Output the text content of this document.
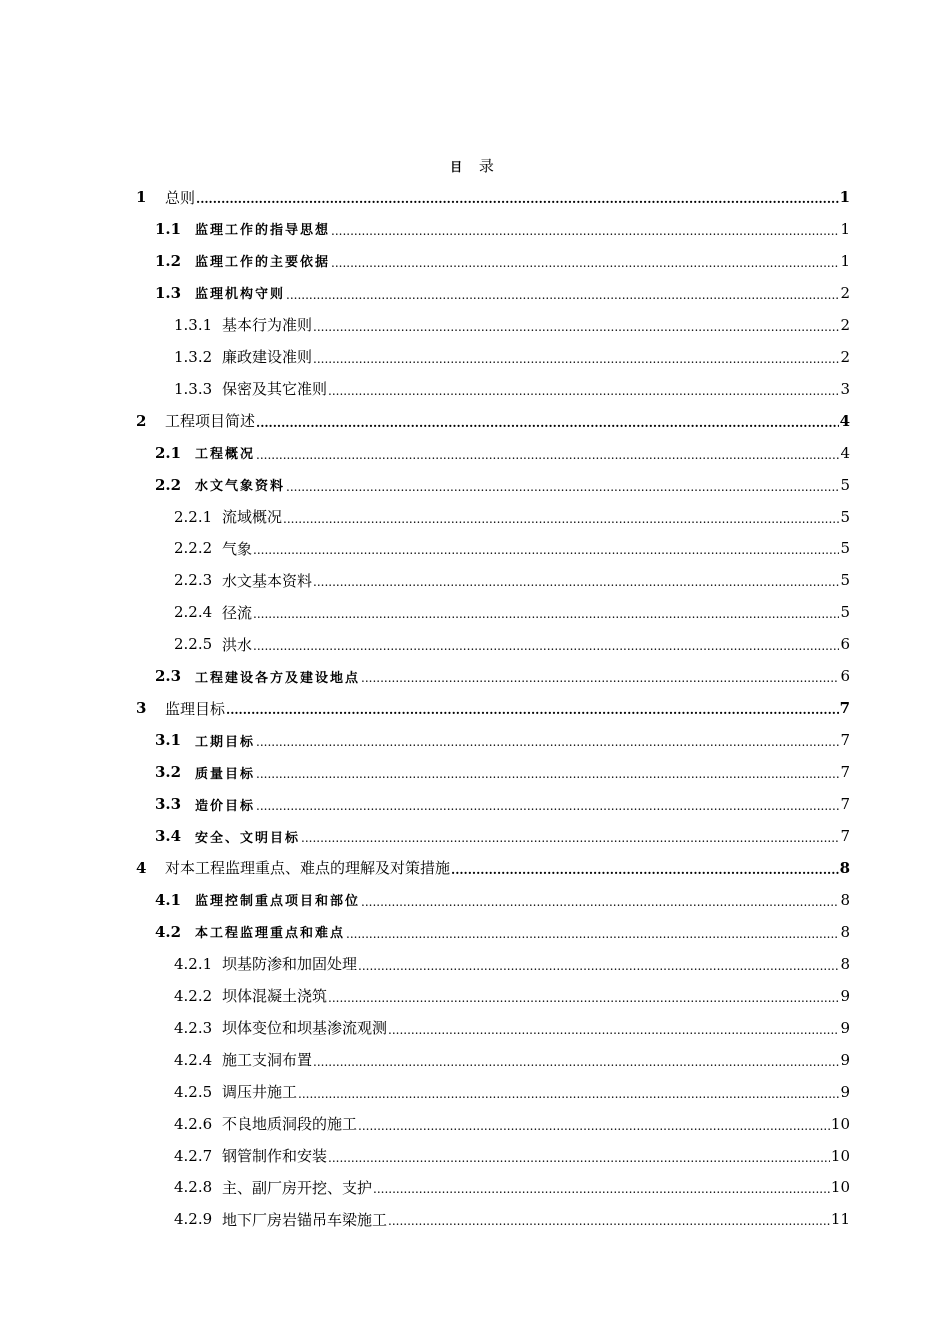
目 录
1	总则 .....	1
1.1	监理工作的指导思想 .....	1
1.2	监理工作的主要依据 .....	1
1.3	监理机构守则 .....	2
1.3.1 基本行为准则 .....	2
1.3.2 廉政建设准则 .....	2
1.3.3 保密及其它准则 .....	3
2	工程项目简述 .....	4
2.1	工程概况 .....	4
2.2	水文气象资料 .....	5
2.2.1 流域概况 .....	5
2.2.2 气象 .....	5
2.2.3 水文基本资料 .....	5
2.2.4 径流 .....	5
2.2.5 洪水 .....	6
2.3	工程建设各方及建设地点 .....	6
3	监理目标 .....	7
3.1	工期目标 .....	7
3.2	质量目标 .....	7
3.3	造价目标 .....	7
3.4	安全、文明目标 .....	7
4	对本工程监理重点、难点的理解及对策措施 .....	8
4.1	监理控制重点项目和部位 .....	8
4.2	本工程监理重点和难点 .....	8
4.2.1 坝基防渗和加固处理 .....	8
4.2.2 坝体混凝土浇筑 .....	9
4.2.3 坝体变位和坝基渗流观测 .....	9
4.2.4 施工支洞布置 .....	9
4.2.5 调压井施工 .....	9
4.2.6 不良地质洞段的施工 .....	10
4.2.7 钢管制作和安装 .....	10
4.2.8 主、副厂房开挖、支护 .....	10
4.2.9 地下厂房岩锚吊车梁施工 .....	11
